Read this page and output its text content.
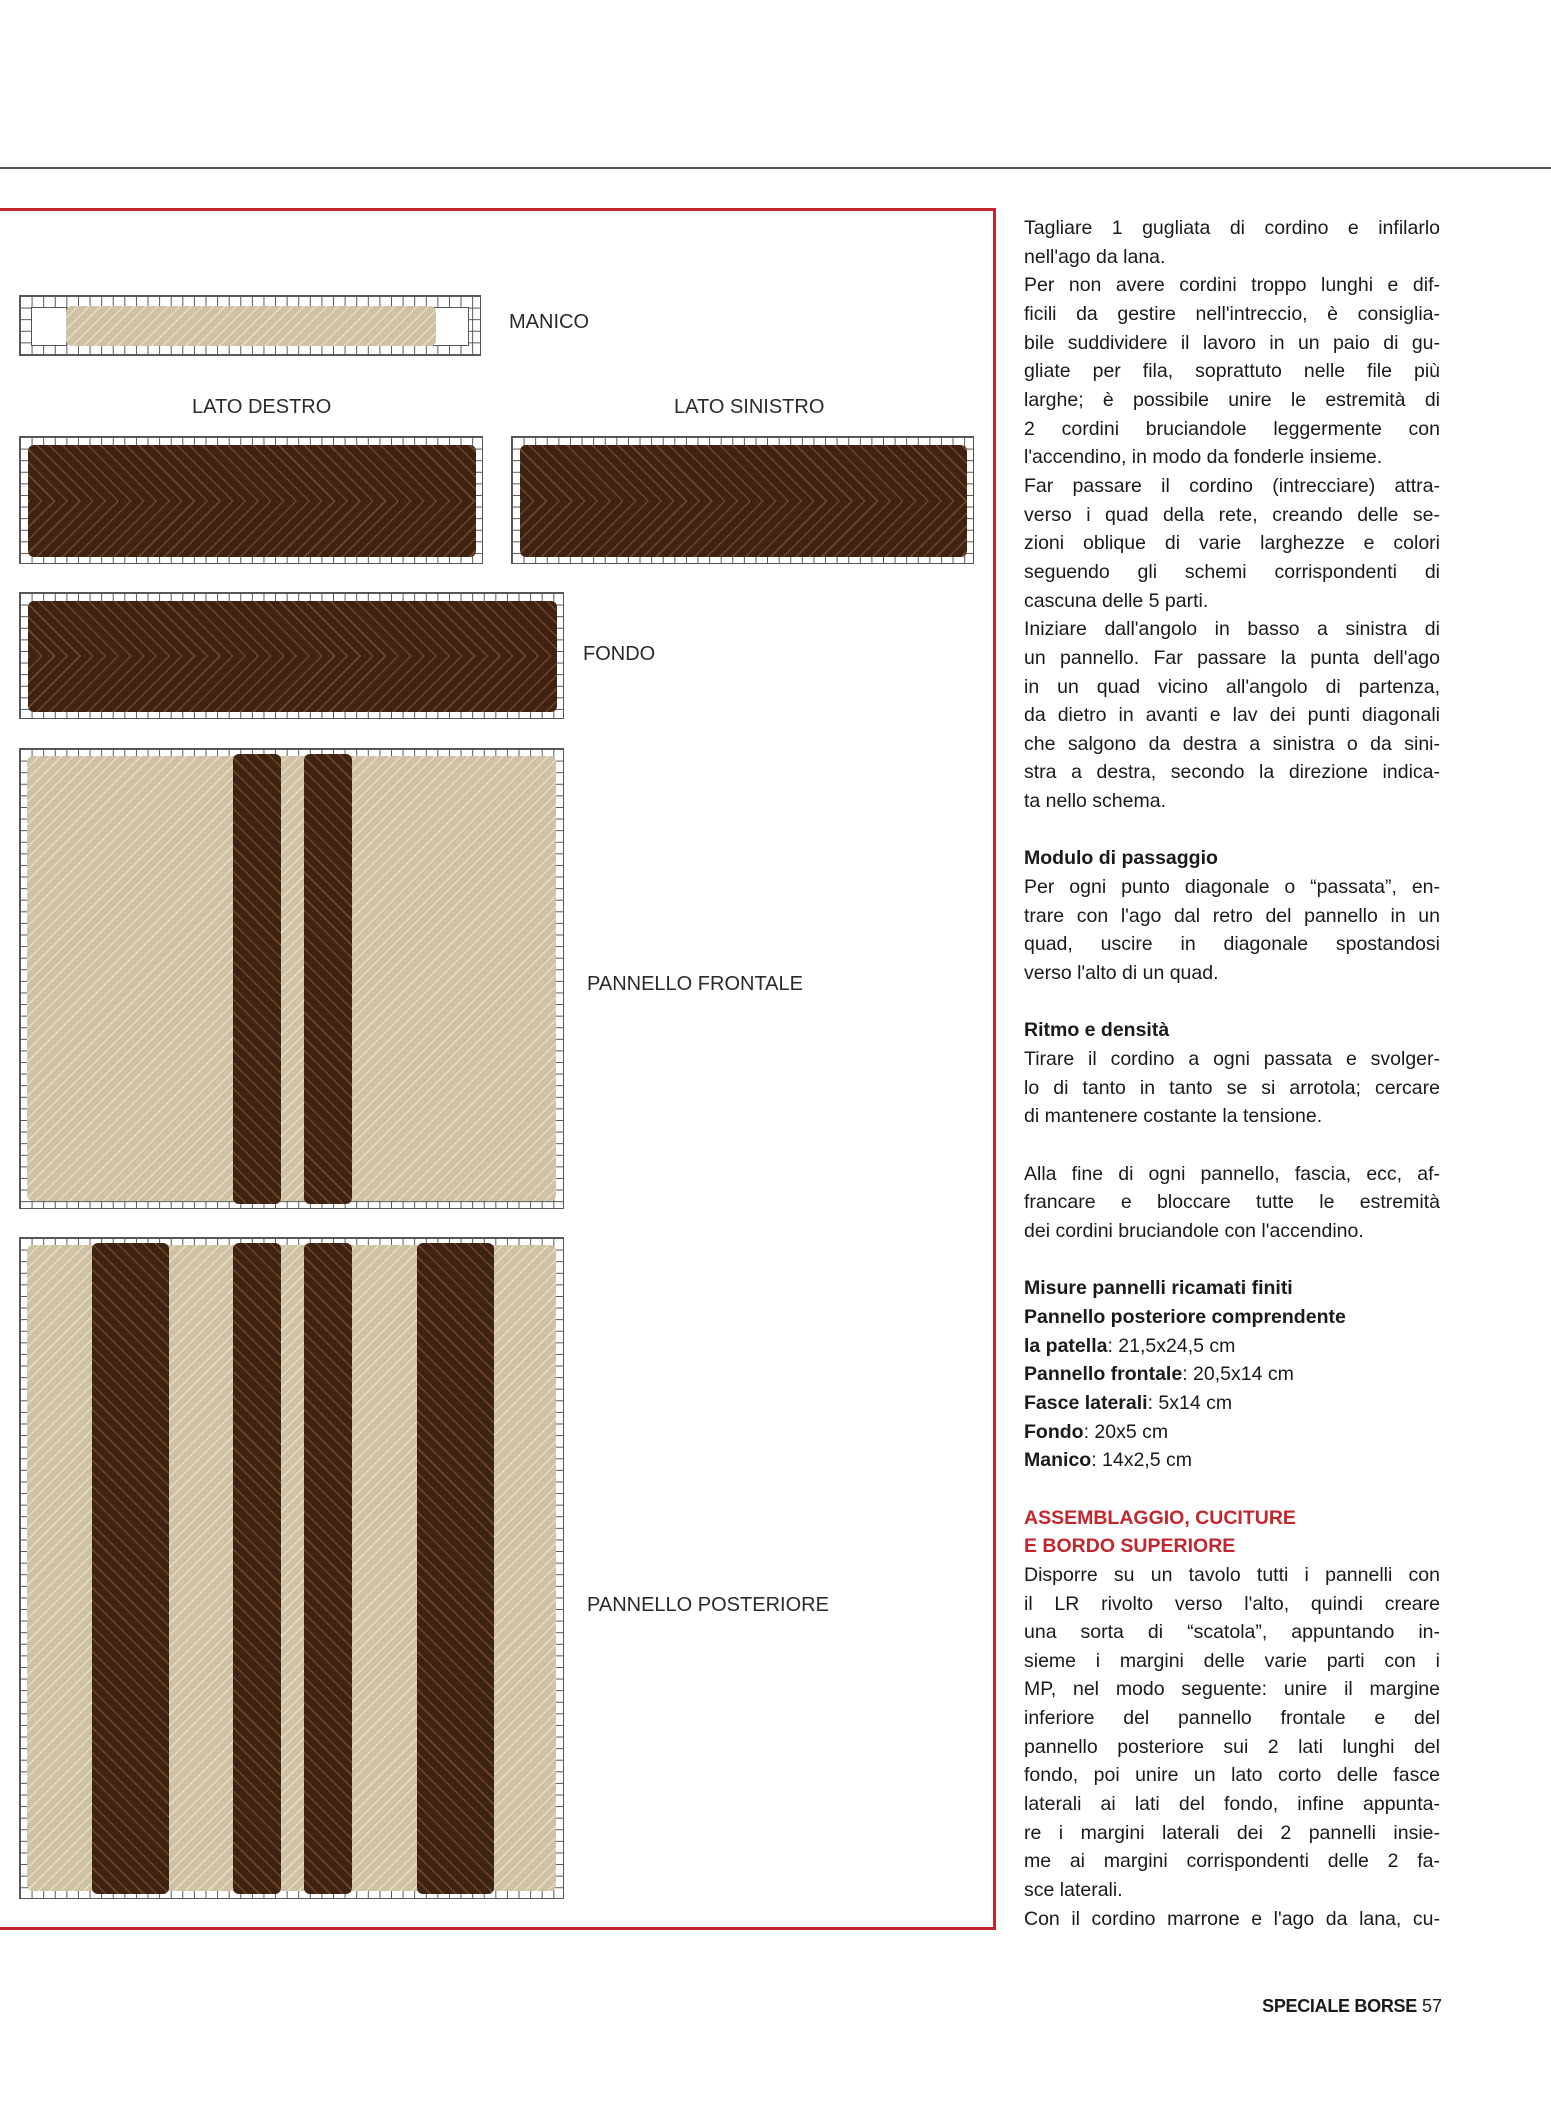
MANICO
LATO DESTRO	LATO SINISTRO
FONDO
PANNELLO FRONTALE
PANNELLO POSTERIORE
Tagliare 1 gugliata di cordino e infilarlo
nell'ago da lana.
Per non avere cordini troppo lunghi e dif-
ficili da gestire nell'intreccio, è consiglia-
bile suddividere il lavoro in un paio di gu-
gliate per fila, soprattuto nelle file più
larghe; è possibile unire le estremità di
2 cordini bruciandole leggermente con
l'accendino, in modo da fonderle insieme.
Far passare il cordino (intrecciare) attra-
verso i quad della rete, creando delle se-
zioni oblique di varie larghezze e colori
seguendo gli schemi corrispondenti di
cascuna delle 5 parti.
Iniziare dall'angolo in basso a sinistra di
un pannello. Far passare la punta dell'ago
in un quad vicino all'angolo di partenza,
da dietro in avanti e lav dei punti diagonali
che salgono da destra a sinistra o da sini-
stra a destra, secondo la direzione indica-
ta nello schema.
Modulo di passaggio
Per ogni punto diagonale o “passata”, en-
trare con l'ago dal retro del pannello in un
quad, uscire in diagonale spostandosi
verso l'alto di un quad.
Ritmo e densità
Tirare il cordino a ogni passata e svolger-
lo di tanto in tanto se si arrotola; cercare
di mantenere costante la tensione.
Alla fine di ogni pannello, fascia, ecc, af-
francare e bloccare tutte le estremità
dei cordini bruciandole con l'accendino.
Misure pannelli ricamati finiti
Pannello posteriore comprendente
la patella: 21,5x24,5 cm
Pannello frontale: 20,5x14 cm
Fasce laterali: 5x14 cm
Fondo: 20x5 cm
Manico: 14x2,5 cm
ASSEMBLAGGIO, CUCITURE
E BORDO SUPERIORE
Disporre su un tavolo tutti i pannelli con
il LR rivolto verso l'alto, quindi creare
una sorta di “scatola”, appuntando in-
sieme i margini delle varie parti con i
MP, nel modo seguente: unire il margine
inferiore del pannello frontale e del
pannello posteriore sui 2 lati lunghi del
fondo, poi unire un lato corto delle fasce
laterali ai lati del fondo, infine appunta-
re i margini laterali dei 2 pannelli insie-
me ai margini corrispondenti delle 2 fa-
sce laterali.
Con il cordino marrone e l'ago da lana, cu-
SPECIALE BORSE 57
